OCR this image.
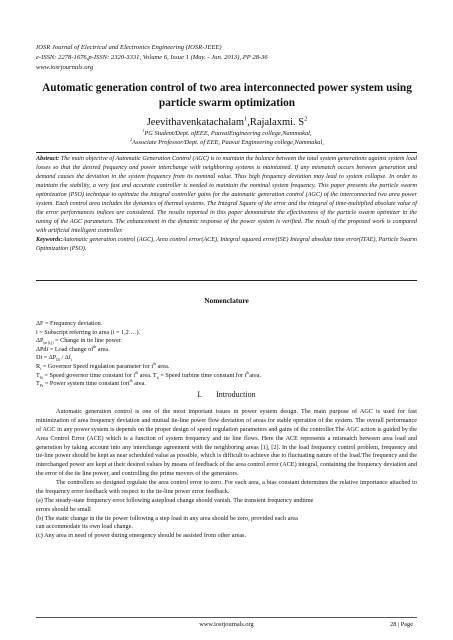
IOSR Journal of Electrical and Electronics Engineering (IOSR-JEEE)
e-ISSN: 2278-1676,p-ISSN: 2320-3331, Volume 6, Issue 1 (May. - Jun. 2013), PP 28-36
www.iosrjournals.org
Automatic generation control of two area interconnected power system using particle swarm optimization
Jeevithavenkatachalam$^1$,Rajalaxmi. $S^2$
$^1$PG Student/Dept. ofEEE, PaavaiEngineering college,Nammakal,
$^2$Associate Professor/Dept. of EEE, Paavai Engineering college,Nammakal,
Abstract: The main objective of Automatic Generation Control (AGC) is to maintain the balance between the total system generations against system load losses so that the desired frequency and power interchange with neighboring systems is maintained. If any mismatch occurs between generation and demand causes the deviation in the system frequency from its nominal value. Thus high frequency deviation may lead to system collapse. In order to maintain the stability, a very fast and accurate controller is needed to maintain the nominal system frequency. This paper presents the particle swarm optimization (PSO) technique to optimize the integral controller gains for the automatic generation control (AGC) of the interconnected two area power system. Each control area includes the dynamics of thermal systems. The Integral Square of the error and the integral of time-multiplied absolute value of the error performances indices are considered. The results reported in this paper demonstrate the effectiveness of the particle swarm optimizer in the tuning of the AGC parameters. The enhancement in the dynamic response of the power system is verified. The result of the proposed work is compared with artificial intelligent controller.
Keywords:Automatic generation control (AGC), Area control error(ACE), Integral squared error(ISE) Integral absolute time error(ITAE), Particle Swarm Optimization (PSO).
Nomenclature
ΔF = Frequency deviation.
i = Subscript referring to area (i = 1,2 …).
$\Delta P_{tie (i,j)}$ = Change in tie line power.
ΔPdi = Load change $of^{th}$ area.
$Di = \Delta P_{Di} / \Delta f_i$
$R_i$ = Governor Speed regulation parameter for $i^{th}$ area.
$T_{Si}$ = Speed governor time constant for $i^{th}$ area. $T_{ti}$ = Speed turbine time constant for $i^{th}area$.
$T_{Ps}$ = Power system time constant fori$^{th}$ area.
I. Introduction

Automatic generation control is one of the most important issues in power system design. The main purpose of AGC is used for fast minimization of area frequency deviation and mutual tie-line power flow deviation of areas for stable operation of the system. The overall performance of AGC in any power system is depends on the proper design of speed regulation parameters and gains of the controller.The AGC action is guided by the Area Control Error (ACE) which is a function of system frequency and tie line flows. Here the ACE represents a mismatch between area load and generation by taking account into any interchange agreement with the neighboring areas [1], [2]. In the load frequency control problem, frequency and tie-line power should be kept as near scheduled value as possible, which is difficult to achieve due to fluctuating nature of the load.The frequency and the interchanged power are kept at their desired values by means of feedback of the area control error (ACE) integral, containing the frequency deviation and the error of the tie line power, and controlling the prime movers of the generators.

The controllers so designed regulate the area control error to zero. For each area, a bias constant determines the relative importance attached to the frequency error feedback with respect to the tie-line power error feedback.

(a) The steady-state frequency error following asteploud change should vanish. The transient frequency andtime
errors should be small
(b) The static change in the tie power following a step load in any area should be zero, provided each area
can accommodate its own load change.
(c) Any area in need of power during emergency should be assisted from other areas.
www.iosrjournals.org	28 | Page
